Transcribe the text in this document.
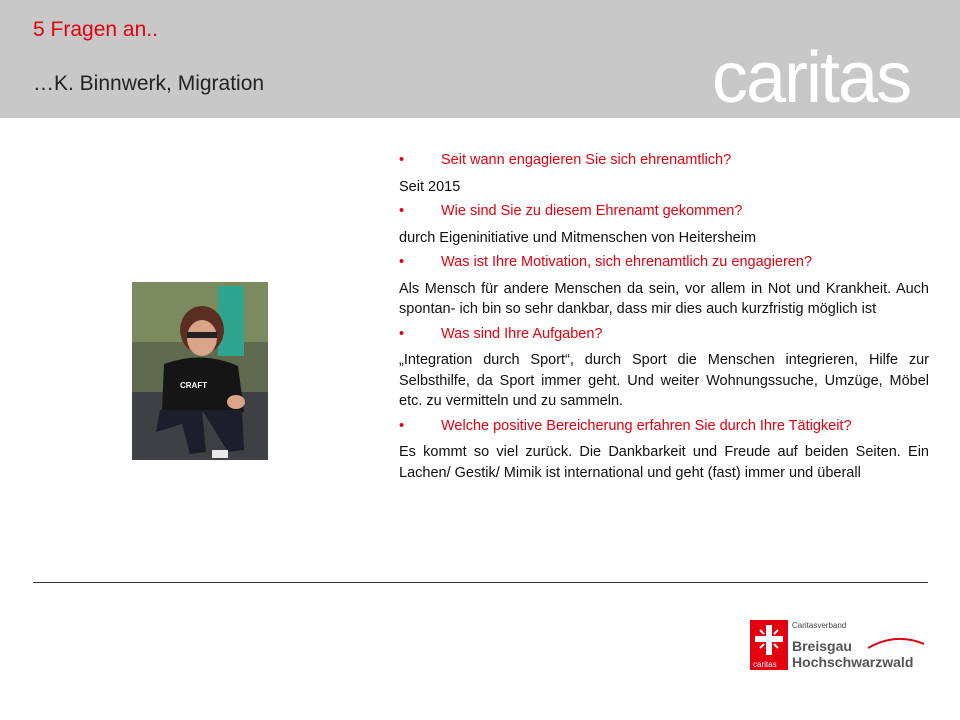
5 Fragen an..
…K. Binnwerk, Migration	caritas
CRAFT
•	Seit wann engagieren Sie sich ehrenamtlich?
Seit 2015
•	Wie sind Sie zu diesem Ehrenamt gekommen?
durch Eigeninitiative und Mitmenschen von Heitersheim
•	Was ist Ihre Motivation, sich ehrenamtlich zu engagieren?
Als Mensch für andere Menschen da sein, vor allem in Not und Krankheit. Auch spontan- ich bin so sehr dankbar, dass mir dies auch kurzfristig möglich ist
•	Was sind Ihre Aufgaben?
„Integration durch Sport“, durch Sport die Menschen integrieren, Hilfe zur Selbsthilfe, da Sport immer geht. Und weiter Wohnungssuche, Umzüge, Möbel etc. zu vermitteln und zu sammeln.
•	Welche positive Bereicherung erfahren Sie durch Ihre Tätigkeit?
Es kommt so viel zurück. Die Dankbarkeit und Freude auf beiden Seiten. Ein Lachen/ Gestik/ Mimik ist international und geht (fast) immer und überall
caritas
Caritasverband
Breisgau
Hochschwarzwald
